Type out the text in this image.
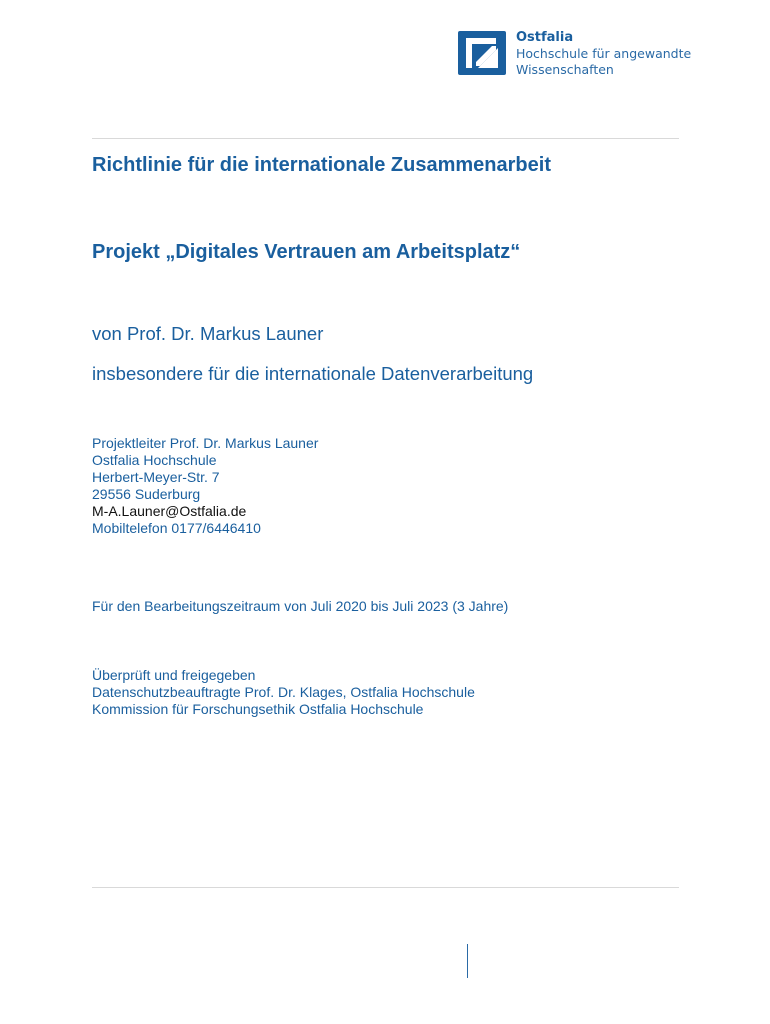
Ostfalia
Hochschule für angewandte
Wissenschaften
Richtlinie für die internationale Zusammenarbeit
Projekt „Digitales Vertrauen am Arbeitsplatz“

von Prof. Dr. Markus Launer

insbesondere für die internationale Datenverarbeitung

Projektleiter Prof. Dr. Markus Launer
Ostfalia Hochschule
Herbert-Meyer-Str. 7
29556 Suderburg
M-A.Launer@Ostfalia.de
Mobiltelefon 0177/6446410
Für den Bearbeitungszeitraum von Juli 2020 bis Juli 2023 (3 Jahre)
Überprüft und freigegeben
Datenschutzbeauftragte Prof. Dr. Klages, Ostfalia Hochschule
Kommission für Forschungsethik Ostfalia Hochschule
